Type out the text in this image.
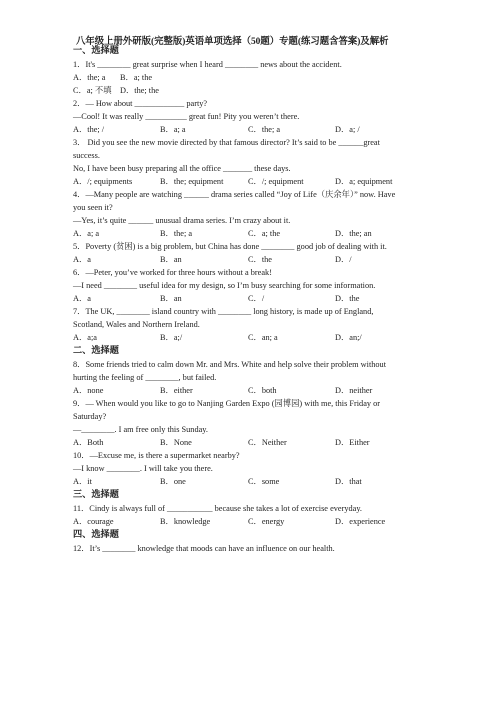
八年级上册外研版(完整版)英语单项选择（50题）专题(练习题含答案)及解析
一、选择题
1．It's ________ great surprise when I heard ________ news about the accident.
A．the; a B．a; the
C．a; 不填 D．the; the
2．— How about ____________ party?
—Cool! It was really __________ great fun! Pity you weren’t there.
A．the; /	B．a; a	C．the; a	D．a; /
3． Did you see the new movie directed by that famous director? It’s said to be ______great
success.
No, I have been busy preparing all the office _______ these days.
A．/; equipments	B．the; equipment	C．/; equipment	D．a; equipment
4．—Many people are watching ______ drama series called “Joy of Life（庆余年）” now. Have
you seen it?
—Yes, it’s quite ______ unusual drama series. I’m crazy about it.
A．a; a	B．the; a	C．a; the	D．the; an
5．Poverty (贫困) is a big problem, but China has done ________ good job of dealing with it.
A．a	B．an	C．the	D．/
6．—Peter, you’ve worked for three hours without a break!
—I need ________ useful idea for my design, so I’m busy searching for some information.
A．a	B．an	C．/	D．the
7．The UK, ________ island country with ________ long history, is made up of England,
Scotland, Wales and Northern Ireland.
A．a;a	B．a;/	C．an; a	D．an;/
二、选择题
8．Some friends tried to calm down Mr. and Mrs. White and help solve their problem without
hurting the feeling of ________, but failed.
A．none	B．either	C．both	D．neither
9．— When would you like to go to Nanjing Garden Expo (园博园) with me, this Friday or
Saturday?
—________. I am free only this Sunday.
A．Both	B．None	C．Neither	D．Either
10．—Excuse me, is there a supermarket nearby?
—I know ________. I will take you there.
A．it	B．one	C．some	D．that
三、选择题
11．Cindy is always full of ___________ because she takes a lot of exercise everyday.
A．courage	B．knowledge	C．energy	D．experience
四、选择题
12．It’s ________ knowledge that moods can have an influence on our health.
